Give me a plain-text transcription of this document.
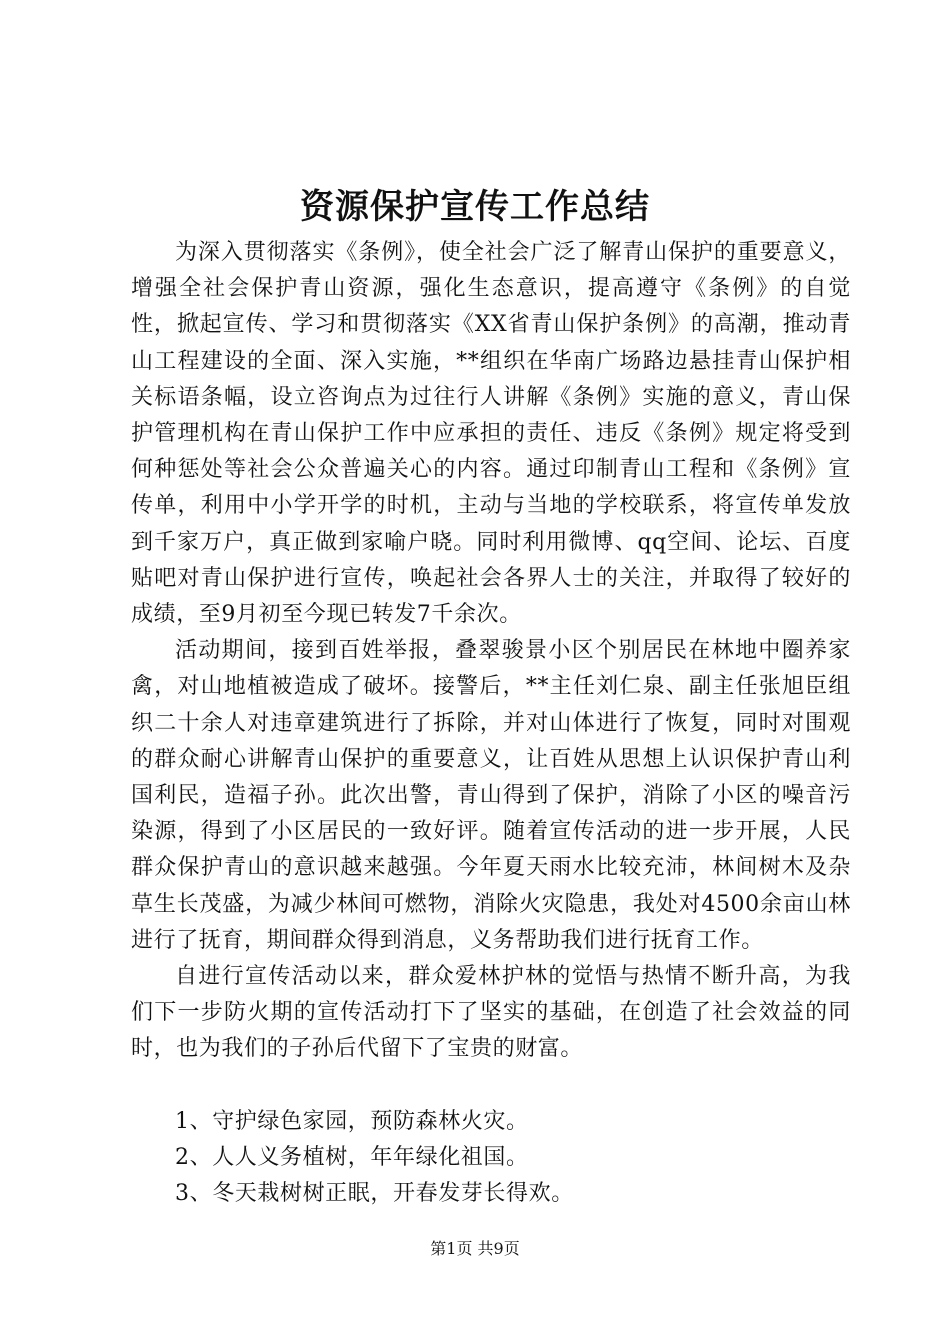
资源保护宣传工作总结

为深入贯彻落实《条例》，使全社会广泛了解青山保护的重要意义，增强全社会保护青山资源，强化生态意识，提高遵守《条例》的自觉性，掀起宣传、学习和贯彻落实《XX省青山保护条例》的高潮，推动青山工程建设的全面、深入实施，**组织在华南广场路边悬挂青山保护相关标语条幅，设立咨询点为过往行人讲解《条例》实施的意义，青山保护管理机构在青山保护工作中应承担的责任、违反《条例》规定将受到何种惩处等社会公众普遍关心的内容。通过印制青山工程和《条例》宣传单，利用中小学开学的时机，主动与当地的学校联系，将宣传单发放到千家万户，真正做到家喻户晓。同时利用微博、qq空间、论坛、百度贴吧对青山保护进行宣传，唤起社会各界人士的关注，并取得了较好的成绩，至9月初至今现已转发7千余次。

活动期间，接到百姓举报，叠翠骏景小区个别居民在林地中圈养家禽，对山地植被造成了破坏。接警后，**主任刘仁泉、副主任张旭臣组织二十余人对违章建筑进行了拆除，并对山体进行了恢复，同时对围观的群众耐心讲解青山保护的重要意义，让百姓从思想上认识保护青山利国利民，造福子孙。此次出警，青山得到了保护，消除了小区的噪音污染源，得到了小区居民的一致好评。随着宣传活动的进一步开展，人民群众保护青山的意识越来越强。今年夏天雨水比较充沛，林间树木及杂草生长茂盛，为减少林间可燃物，消除火灾隐患，我处对4500余亩山林进行了抚育，期间群众得到消息，义务帮助我们进行抚育工作。

自进行宣传活动以来，群众爱林护林的觉悟与热情不断升高，为我们下一步防火期的宣传活动打下了坚实的基础，在创造了社会效益的同时，也为我们的子孙后代留下了宝贵的财富。

1、守护绿色家园，预防森林火灾。
2、人人义务植树，年年绿化祖国。
3、冬天栽树树正眠，开春发芽长得欢。
第1页 共9页
